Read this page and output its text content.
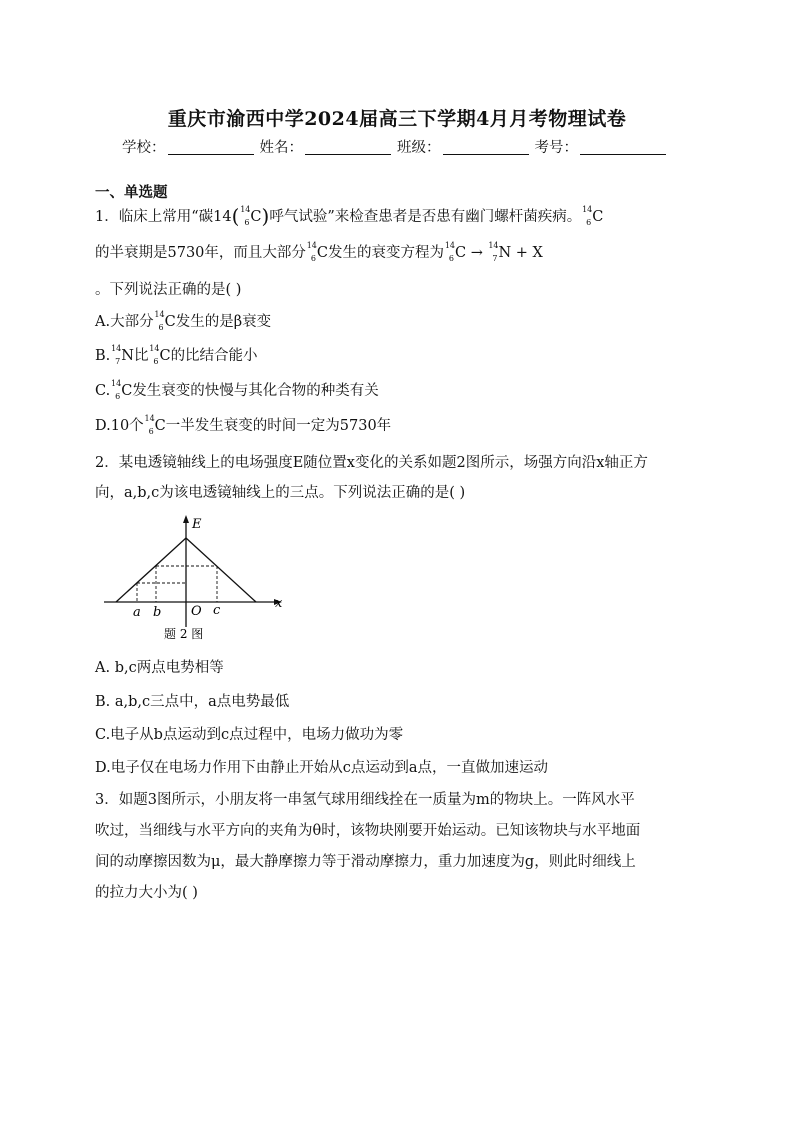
重庆市渝西中学2024届高三下学期4月月考物理试卷
学校：	姓名：	班级：	考号：
一、单选题
1．临床上常用“碳14( 14
6 C)呼气试验”来检查患者是否患有幽门螺杆菌疾病。 14
6 C
的半衰期是5730年，而且大部分 14
6 C发生的衰变方程为 14
6 C → 14
7 N + X
。下列说法正确的是( )
A.大部分 14
6 C发生的是β衰变
B. 14
7 N比 14
6 C的比结合能小
C. 14
6 C发生衰变的快慢与其化合物的种类有关
D.10个 14
6 C一半发生衰变的时间一定为5730年
2．某电透镜轴线上的电场强度E随位置x变化的关系如题2图所示，场强方向沿x轴正方
向，a,b,c为该电透镜轴线上的三点。下列说法正确的是( )
E
x
O
a b	c
题 2 图
A. b,c两点电势相等
B. a,b,c三点中，a点电势最低
C.电子从b点运动到c点过程中，电场力做功为零
D.电子仅在电场力作用下由静止开始从c点运动到a点，一直做加速运动
3．如题3图所示，小朋友将一串氢气球用细线拴在一质量为m的物块上。一阵风水平
吹过，当细线与水平方向的夹角为θ时，该物块刚要开始运动。已知该物块与水平地面
间的动摩擦因数为μ，最大静摩擦力等于滑动摩擦力，重力加速度为g，则此时细线上
的拉力大小为( )
